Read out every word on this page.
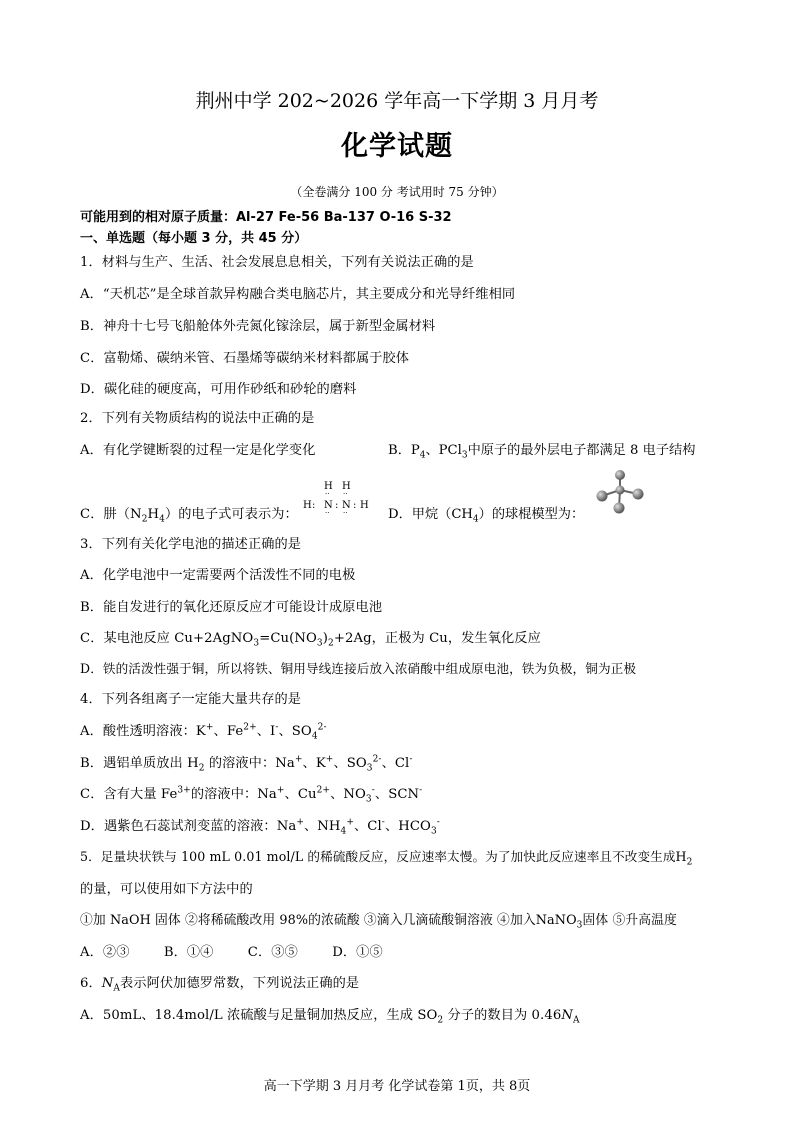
荆州中学 202~2026 学年高一下学期 3 月月考
化学试题
（全卷满分 100 分 考试用时 75 分钟）
可能用到的相对原子质量：Al-27 Fe-56 Ba-137 O-16 S-32
一、单选题（每小题 3 分，共 45 分）
1．材料与生产、生活、社会发展息息相关，下列有关说法正确的是
A．“天机芯”是全球首款异构融合类电脑芯片，其主要成分和光导纤维相同
B．神舟十七号飞船舱体外壳氮化镓涂层，属于新型金属材料
C．富勒烯、碳纳米管、石墨烯等碳纳米材料都属于胶体
D．碳化硅的硬度高，可用作砂纸和砂轮的磨料
2．下列有关物质结构的说法中正确的是
A．有化学键断裂的过程一定是化学变化	B．$P_4$、PCl$_3$中原子的最外层电子都满足 8 电子结构
C．肼$(N_2H_4)$的电子式可表示为：
H
··
H
··
H : N : N : H
·· ··	D．甲烷$(CH_4)$的球棍模型为：
3．下列有关化学电池的描述正确的是
A．化学电池中一定需要两个活泼性不同的电极
B．能自发进行的氧化还原反应才可能设计成原电池
C．某电池反应 $Cu+2AgNO_3=Cu(NO_3)_2+2Ag$，正极为 Cu，发生氧化反应
D．铁的活泼性强于铜，所以将铁、铜用导线连接后放入浓硝酸中组成原电池，铁为负极，铜为正极
4．下列各组离子一定能大量共存的是
A．酸性透明溶液：K+、$Fe^{2+}$、I-、$SO_4^{2-}$
B．遇铝单质放出 $H_2$ 的溶液中：Na+、K+、$SO_3^{2-}$、Cl-
C．含有大量 $Fe^{3+}$的溶液中：Na+、$Cu^{2+}$、$NO_3^-$、SCN-
D．遇紫色石蕊试剂变蓝的溶液：Na+、$NH_4^+$、Cl-、$HCO_3^-$
5．足量块状铁与 100 mL 0.01 mol/L 的稀硫酸反应，反应速率太慢。为了加快此反应速率且不改变生成$H_2$
的量，可以使用如下方法中的
①加 NaOH 固体 ②将稀硫酸改用 98%的浓硫酸 ③滴入几滴硫酸铜溶液 ④加入NaNO$_3$固体 ⑤升高温度
A．②③        B．①④        C．③⑤        D．①⑤
6．$N_A$表示阿伏加德罗常数，下列说法正确的是
A．50mL、18.4mol/L 浓硫酸与足量铜加热反应，生成 $SO_2$ 分子的数目为 $0.46N_A$
高一下学期 3 月月考 化学试卷第 1页，共 8页
